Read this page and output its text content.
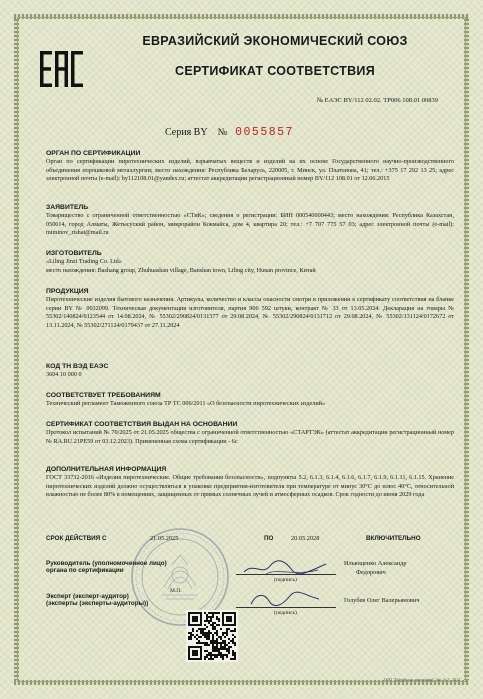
ЕВРАЗИЙСКИЙ ЭКОНОМИЧЕСКИЙ СОЮЗ
СЕРТИФИКАТ СООТВЕТСТВИЯ
№ ЕАЭС BY/112 02.02. ТР006 108.01 00839
Серия BY № 0055857
ОРГАН ПО СЕРТИФИКАЦИИ

Орган по сертификации пиротехнических изделий, взрывчатых веществ и изделий на их основе Государственного научно-производственного объединения порошковой металлургии; место нахождения: Республика Беларусь, 220005, г. Минск, ул. Платонова, 41; тел.: +375 17 292 13 25; адрес электронной почты (e-mail): by112108.01@yandex.ru; аттестат аккредитации регистрационный номер BY/112 108.01 от 12.06.2015

ЗАЯВИТЕЛЬ

Товарищество с ограниченной ответственностью «СТиК»; сведения о регистрации: БИН 000540000443; место нахождения: Республика Казахстан, 050014, город Алматы, Жетысуский район, микрорайон Кокмайса, дом 4, квартира 20; тел.: +7 707 775 57 03; адрес электронной почты (e-mail): miminov_rishat@mail.ru

ИЗГОТОВИТЕЛЬ

«Liling Jinzi Trading Co. Ltd»

место нахождения: Bashang group, Zhuhuashan village, Banshan town, Liling city, Hunan province, Китай

ПРОДУКЦИЯ

Пиротехнические изделия бытового назначения. Артикулы, количество и классы опасности смотри в приложении к сертификату соответствия на бланке серии BY № 0032099. Техническая документация изготовителя, партия 906 592 штуки, контракт № 33 от 13.05.2024. Декларация на товары № 55302/140824/0123544 от 14.08.2024, № 55302/290824/0131377 от 29.08.2024, № 55302/290824/0131712 от 29.08.2024, № 55302/131124/0172672 от 13.11.2024, № 55302/271124/0179437 от 27.11.2024

КОД ТН ВЭД ЕАЭС

3604 10 000 0

СООТВЕТСТВУЕТ ТРЕБОВАНИЯМ

Технический регламент Таможенного союза ТР ТС 006/2011 «О безопасности пиротехнических изделий»

СЕРТИФИКАТ СООТВЕТСТВИЯ ВЫДАН НА ОСНОВАНИИ

Протокол испытаний № 70/2025 от 21.05.2025 общества с ограниченной ответственностью «СТАРТЭК» (аттестат аккредитации регистрационный номер № RA.RU.21РЕ59 от 03.12.2023). Примененная схема сертификации - 6с

ДОПОЛНИТЕЛЬНАЯ ИНФОРМАЦИЯ

ГОСТ 33732-2016 «Изделия пиротехнические. Общие требования безопасности», подпункты 5.2, 6.1.3, 6.1.4, 6.1.6, 6.1.7, 6.1.9, 6.1.11, 6.1.15. Хранение пиротехнических изделий должно осуществляться в упаковке предприятия-изготовителя при температуре от минус 30°С до плюс 40°С, относительной влажностью не более 80% в помещениях, защищенных от прямых солнечных лучей и атмосферных осадков. Срок годности до июня 2029 года

СРОК ДЕЙСТВИЯ С	21.05.2025	ПО	20.05.2028	ВКЛЮЧИТЕЛЬНО
Руководитель (уполномоченное лицо)
органа по сертификации
(подпись)
Ильющенко Александр
Федорович
М.П.
Эксперт (эксперт-аудитор)
(эксперты (эксперты-аудиторы))
(подпись)
Голубев Олег Валерьянович
ООО "Бобруйская типография" Зак. № 5 . 2024
